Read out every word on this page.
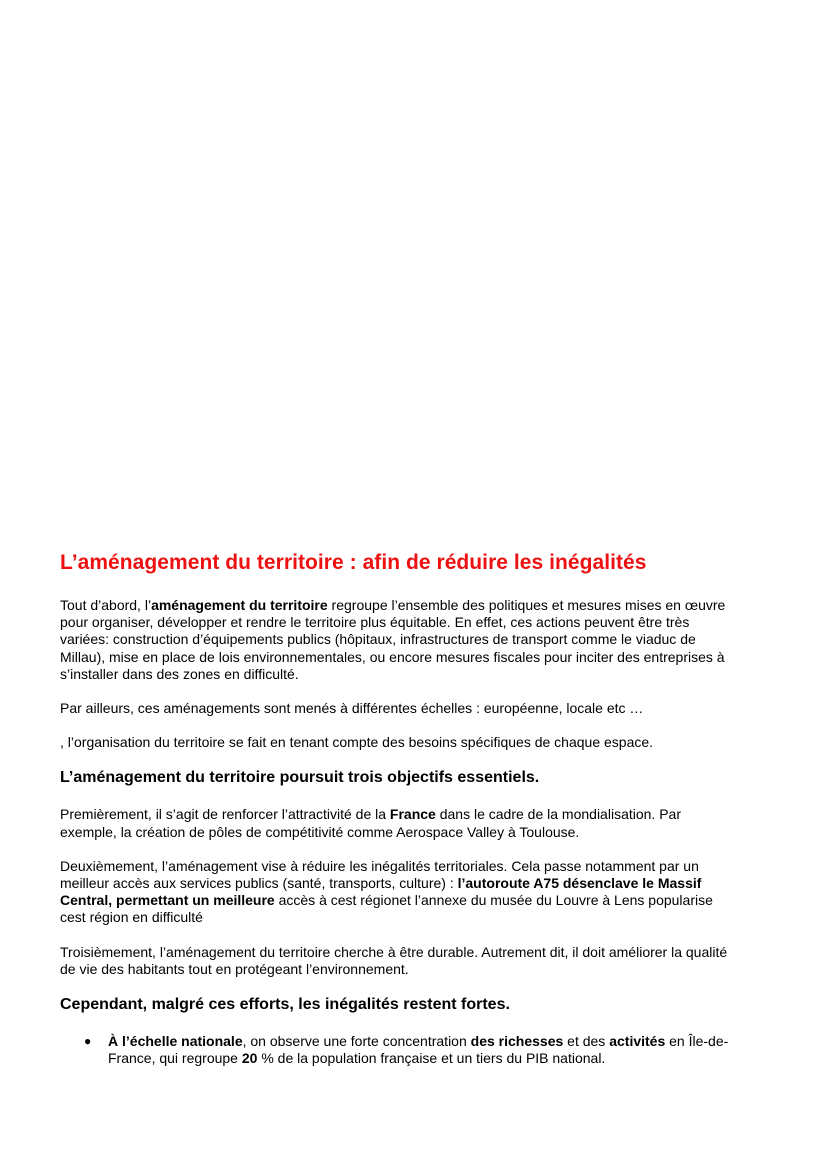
L’aménagement du territoire : afin de réduire les inégalités

Tout d’abord, l’aménagement du territoire regroupe l’ensemble des politiques et mesures mises en œuvre pour organiser, développer et rendre le territoire plus équitable. En effet, ces actions peuvent être très variées: construction d’équipements publics (hôpitaux, infrastructures de transport comme le viaduc de Millau), mise en place de lois environnementales, ou encore mesures fiscales pour inciter des entreprises à s’installer dans des zones en difficulté.

Par ailleurs, ces aménagements sont menés à différentes échelles : européenne, locale etc …

, l’organisation du territoire se fait en tenant compte des besoins spécifiques de chaque espace.

L’aménagement du territoire poursuit trois objectifs essentiels.

Premièrement, il s’agit de renforcer l’attractivité de la France dans le cadre de la mondialisation. Par exemple, la création de pôles de compétitivité comme Aerospace Valley à Toulouse.

Deuxièmement, l’aménagement vise à réduire les inégalités territoriales. Cela passe notamment par un meilleur accès aux services publics (santé, transports, culture) : l’autoroute A75 désenclave le Massif Central, permettant un meilleure accès à cest régionet l’annexe du musée du Louvre à Lens popularise cest région en difficulté

Troisièmement, l’aménagement du territoire cherche à être durable. Autrement dit, il doit améliorer la qualité de vie des habitants tout en protégeant l’environnement.

Cependant, malgré ces efforts, les inégalités restent fortes.
● À l’échelle nationale, on observe une forte concentration des richesses et des activités en Île-de-France, qui regroupe 20 % de la population française et un tiers du PIB national.
